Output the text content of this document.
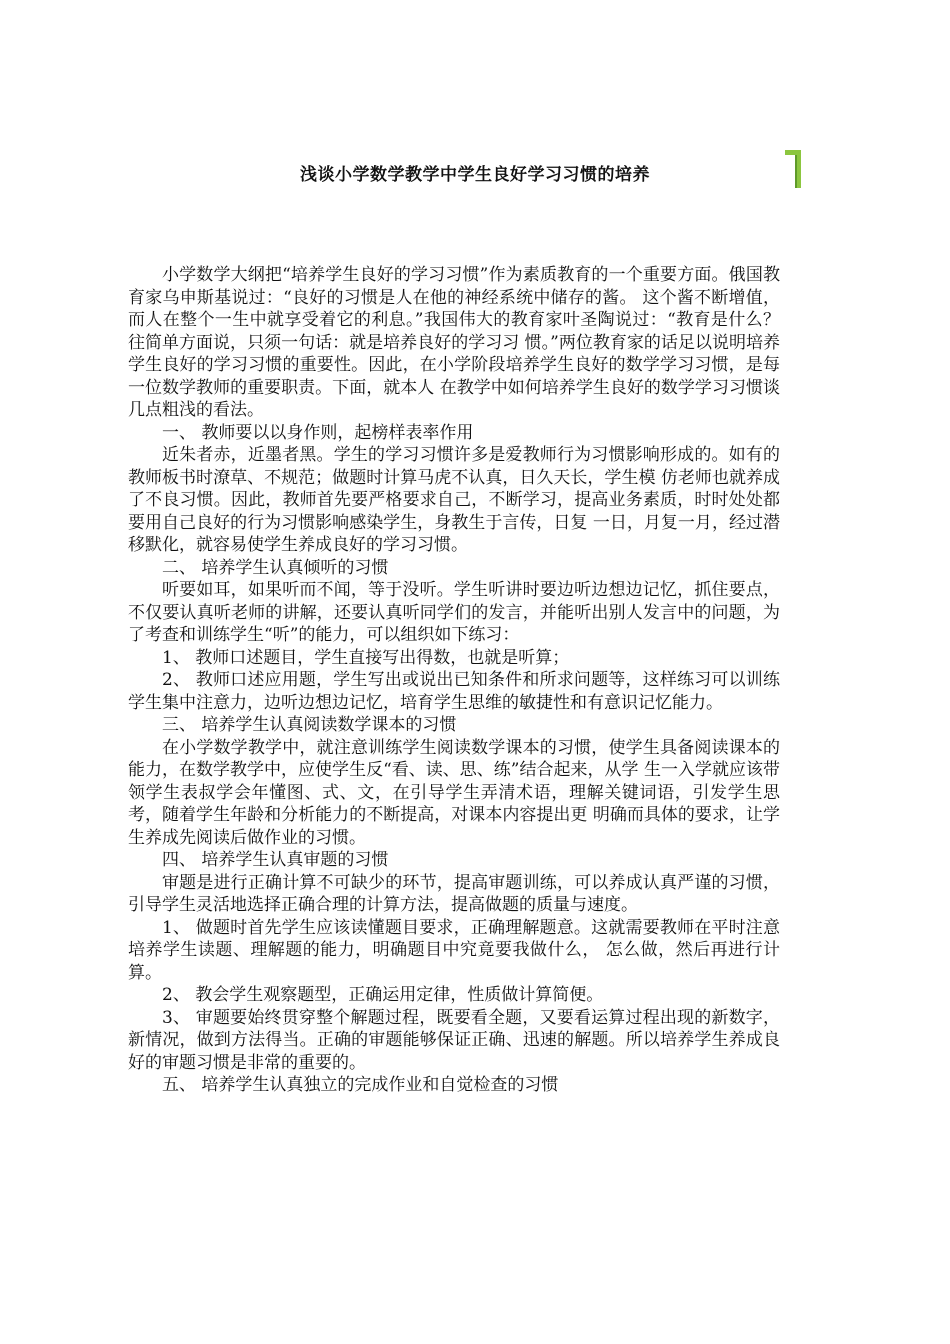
浅谈小学数学教学中学生良好学习习惯的培养

小学数学大纲把“培养学生良好的学习习惯”作为素质教育的一个重要方面。俄国教育家乌申斯基说过：“良好的习惯是人在他的神经系统中储存的酱。 这个酱不断增值，而人在整个一生中就享受着它的利息。”我国伟大的教育家叶圣陶说过：“教育是什么？往简单方面说，只须一句话：就是培养良好的学习习 惯。”两位教育家的话足以说明培养学生良好的学习习惯的重要性。因此，在小学阶段培养学生良好的数学学习习惯，是每一位数学教师的重要职责。下面，就本人 在教学中如何培养学生良好的数学学习习惯谈几点粗浅的看法。

一、 教师要以以身作则，起榜样表率作用

近朱者赤，近墨者黑。学生的学习习惯许多是爱教师行为习惯影响形成的。如有的教师板书时潦草、不规范；做题时计算马虎不认真，日久天长，学生模 仿老师也就养成了不良习惯。因此，教师首先要严格要求自己，不断学习，提高业务素质，时时处处都要用自己良好的行为习惯影响感染学生，身教生于言传，日复 一日，月复一月，经过潜移默化，就容易使学生养成良好的学习习惯。

二、 培养学生认真倾听的习惯

听要如耳，如果听而不闻，等于没听。学生听讲时要边听边想边记忆，抓住要点，不仅要认真听老师的讲解，还要认真听同学们的发言，并能听出别人发言中的问题，为了考查和训练学生“听”的能力，可以组织如下练习：

1、 教师口述题目，学生直接写出得数，也就是听算；

2、 教师口述应用题，学生写出或说出已知条件和所求问题等，这样练习可以训练学生集中注意力，边听边想边记忆，培育学生思维的敏捷性和有意识记忆能力。

三、 培养学生认真阅读数学课本的习惯

在小学数学教学中，就注意训练学生阅读数学课本的习惯，使学生具备阅读课本的能力，在数学教学中，应使学生反“看、读、思、练”结合起来，从学 生一入学就应该带领学生表叔学会年懂图、式、文，在引导学生弄清术语，理解关键词语，引发学生思考，随着学生年龄和分析能力的不断提高，对课本内容提出更 明确而具体的要求，让学生养成先阅读后做作业的习惯。

四、 培养学生认真审题的习惯

审题是进行正确计算不可缺少的环节，提高审题训练，可以养成认真严谨的习惯，引导学生灵活地选择正确合理的计算方法，提高做题的质量与速度。

1、 做题时首先学生应该读懂题目要求，正确理解题意。这就需要教师在平时注意培养学生读题、理解题的能力，明确题目中究竟要我做什么， 怎么做，然后再进行计算。

2、 教会学生观察题型，正确运用定律，性质做计算简便。

3、 审题要始终贯穿整个解题过程，既要看全题，又要看运算过程出现的新数字，新情况，做到方法得当。正确的审题能够保证正确、迅速的解题。所以培养学生养成良好的审题习惯是非常的重要的。

五、 培养学生认真独立的完成作业和自觉检查的习惯
